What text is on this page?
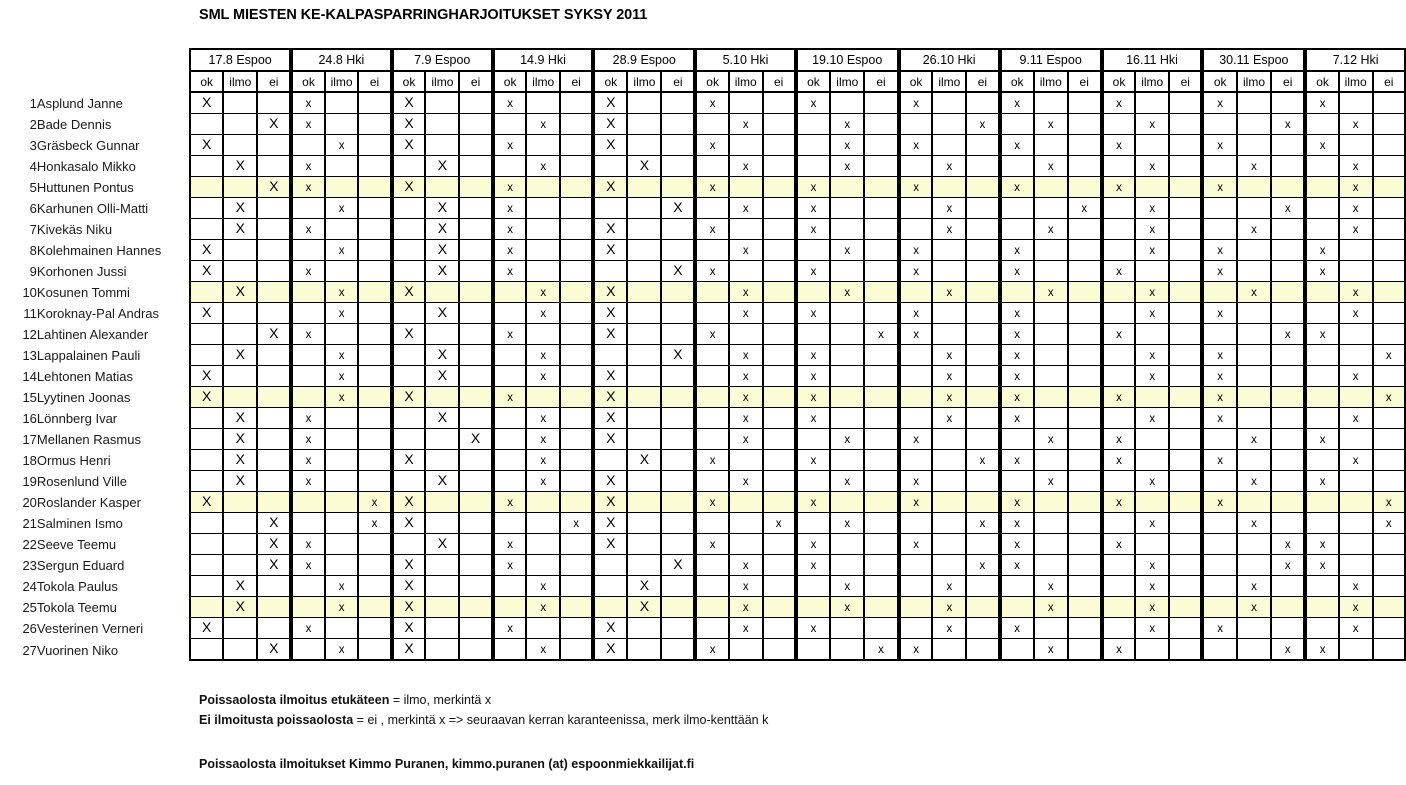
SML MIESTEN KE-KALPASPARRINGHARJOITUKSET SYKSY 2011
		17.8 Espoo			24.8 Hki			7.9 Espoo			14.9 Hki			28.9 Espoo			5.10 Hki			19.10 Espoo			26.10 Hki			9.11 Espoo			16.11 Hki			30.11 Espoo			7.12 Hki		
		ok	ilmo	ei	ok	ilmo	ei	ok	ilmo	ei	ok	ilmo	ei	ok	ilmo	ei	ok	ilmo	ei	ok	ilmo	ei	ok	ilmo	ei	ok	ilmo	ei	ok	ilmo	ei	ok	ilmo	ei	ok	ilmo	ei
1	Asplund Janne	X			x			X			x			X			x			x			x			x			x			x			x		
2	Bade Dennis			X	x			X				x		X				x			x				x		x			x				x		x	
3	Gräsbeck Gunnar	X				x		X			x			X			x				x		x			x			x			x			x		
4	Honkasalo Mikko		X		x				X			x			X			x			x			x			x			x			x			x	
5	Huttunen Pontus			X	x			X			x			X			x			x			x			x			x			x				x	
6	Karhunen Olli-Matti		X			x			X		x					X		x		x				x				x		x				x		x	
7	Kivekäs Niku		X		x				X		x			X			x			x				x			x			x			x			x	
8	Kolehmainen Hannes	X				x			X		x			X				x			x		x			x				x		x			x		
9	Korhonen Jussi	X			x				X		x					X	x			x			x			x			x			x			x		
10	Kosunen Tommi		X			x		X				x		X				x			x			x			x			x			x			x	
11	Koroknay-Pal Andras	X				x			X			x		X				x		x			x			x				x		x				x	
12	Lahtinen Alexander			X	x			X			x			X			x					x	x			x			x					x	x		
13	Lappalainen Pauli		X			x			X			x				X		x		x				x		x				x		x					x
14	Lehtonen Matias	X				x			X			x		X				x		x				x		x				x		x				x	
15	Lyytinen Joonas	X				x		X			x			X				x		x				x		x			x			x					x
16	Lönnberg Ivar		X		x				X			x		X				x		x				x		x				x		x				x	
17	Mellanen Rasmus		X		x					X		x		X				x			x		x				x		x				x		x		
18	Ormus Henri		X		x			X				x			X		x			x					x	x			x			x				x	
19	Rosenlund Ville		X		x				X			x		X				x			x		x				x			x			x		x		
20	Roslander Kasper	X					x	X			x			X			x			x			x			x			x			x					x
21	Salminen Ismo			X			x	X					x	X					x		x				x	x				x			x				x
22	Seeve Teemu			X	x				X		x			X			x			x			x			x			x					x	x		
23	Sergun Eduard			X	x			X			x					X		x		x					x	x				x				x	x		
24	Tokola Paulus		X			x		X				x			X			x			x			x			x			x			x			x	
25	Tokola Teemu		X			x		X				x			X			x			x			x			x			x			x			x	
26	Vesterinen Verneri	X			x			X			x			X				x		x				x		x				x		x				x	
27	Vuorinen Niko			X		x		X				x		X			x					x	x				x		x					x	x		
Poissaolosta ilmoitus etukäteen = ilmo, merkintä x
Ei ilmoitusta poissaolosta = ei , merkintä x => seuraavan kerran karanteenissa, merk ilmo-kenttään k
Poissaolosta ilmoitukset Kimmo Puranen, kimmo.puranen (at) espoonmiekkailijat.fi
